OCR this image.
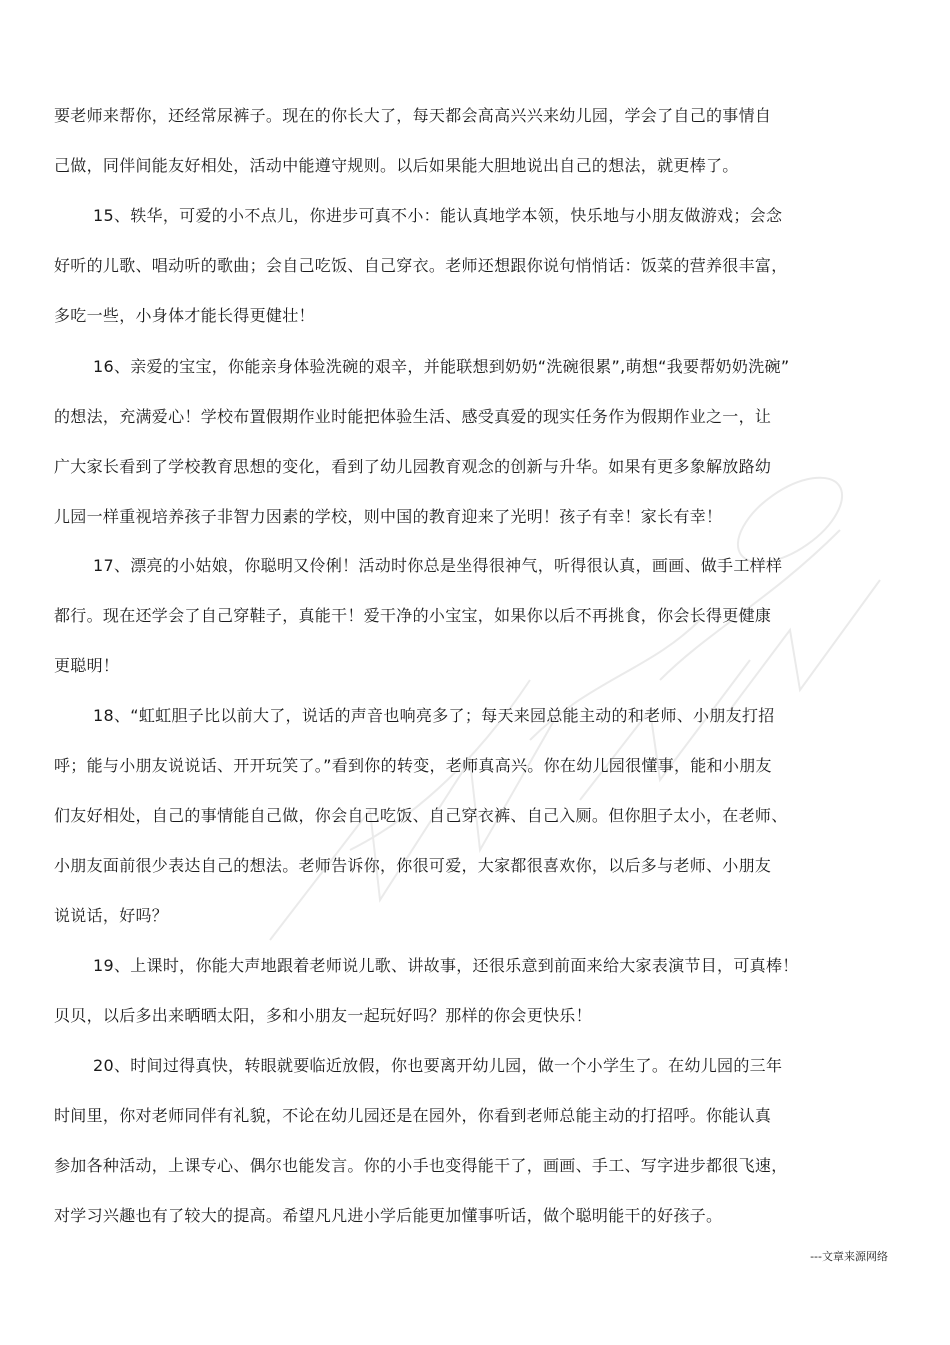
要老师来帮你，还经常尿裤子。现在的你长大了，每天都会高高兴兴来幼儿园，学会了自己的事情自
己做，同伴间能友好相处，活动中能遵守规则。以后如果能大胆地说出自己的想法，就更棒了。
15、轶华，可爱的小不点儿，你进步可真不小：能认真地学本领，快乐地与小朋友做游戏；会念
好听的儿歌、唱动听的歌曲；会自己吃饭、自己穿衣。老师还想跟你说句悄悄话：饭菜的营养很丰富，
多吃一些，小身体才能长得更健壮！
16、亲爱的宝宝，你能亲身体验洗碗的艰辛，并能联想到奶奶“洗碗很累”,萌想“我要帮奶奶洗碗”
的想法，充满爱心！学校布置假期作业时能把体验生活、感受真爱的现实任务作为假期作业之一，让
广大家长看到了学校教育思想的变化，看到了幼儿园教育观念的创新与升华。如果有更多象解放路幼
儿园一样重视培养孩子非智力因素的学校，则中国的教育迎来了光明！孩子有幸！家长有幸！
17、漂亮的小姑娘，你聪明又伶俐！活动时你总是坐得很神气，听得很认真，画画、做手工样样
都行。现在还学会了自己穿鞋子，真能干！爱干净的小宝宝，如果你以后不再挑食，你会长得更健康
更聪明！
18、“虹虹胆子比以前大了，说话的声音也响亮多了；每天来园总能主动的和老师、小朋友打招
呼；能与小朋友说说话、开开玩笑了。”看到你的转变，老师真高兴。你在幼儿园很懂事，能和小朋友
们友好相处，自己的事情能自己做，你会自己吃饭、自己穿衣裤、自己入厕。但你胆子太小，在老师、
小朋友面前很少表达自己的想法。老师告诉你，你很可爱，大家都很喜欢你，以后多与老师、小朋友
说说话，好吗？
19、上课时，你能大声地跟着老师说儿歌、讲故事，还很乐意到前面来给大家表演节目，可真棒！
贝贝，以后多出来晒晒太阳，多和小朋友一起玩好吗？那样的你会更快乐！
20、时间过得真快，转眼就要临近放假，你也要离开幼儿园，做一个小学生了。在幼儿园的三年
时间里，你对老师同伴有礼貌，不论在幼儿园还是在园外，你看到老师总能主动的打招呼。你能认真
参加各种活动，上课专心、偶尔也能发言。你的小手也变得能干了，画画、手工、写字进步都很飞速，
对学习兴趣也有了较大的提高。希望凡凡进小学后能更加懂事听话，做个聪明能干的好孩子。
---文章来源网络
